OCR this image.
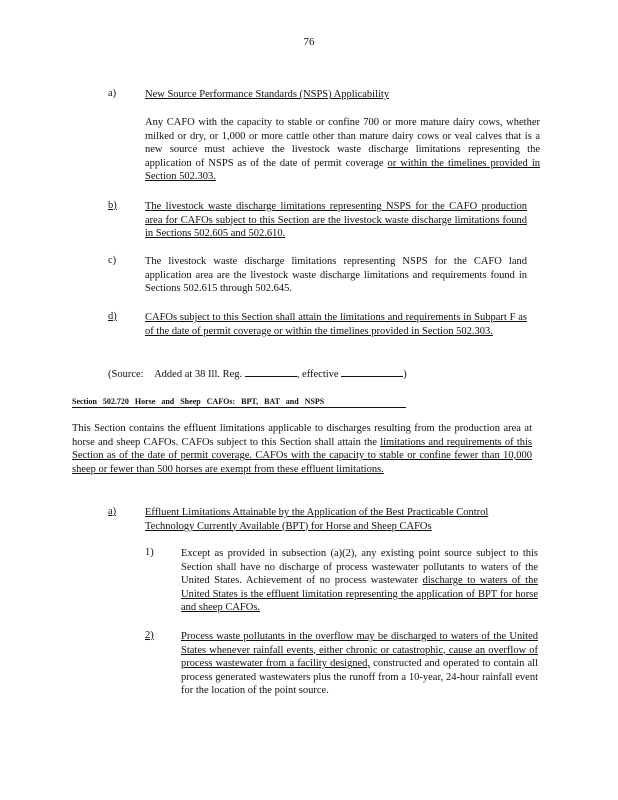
76
a)	New Source Performance Standards (NSPS) Applicability
Any CAFO with the capacity to stable or confine 700 or more mature dairy cows, whether milked or dry, or 1,000 or more cattle other than mature dairy cows or veal calves that is a new source must achieve the livestock waste discharge limitations representing the application of NSPS as of the date of permit coverage or within the timelines provided in Section 502.303.
b)	The livestock waste discharge limitations representing NSPS for the CAFO production area for CAFOs subject to this Section are the livestock waste discharge limitations found in Sections 502.605 and 502.610.
c)	The livestock waste discharge limitations representing NSPS for the CAFO land application area are the livestock waste discharge limitations and requirements found in Sections 502.615 through 502.645.
d)	CAFOs subject to this Section shall attain the limitations and requirements in Subpart F as of the date of permit coverage or within the timelines provided in Section 502.303.
(Source: Added at 38 Ill. Reg.	, effective	)
Section 502.720 Horse and Sheep CAFOs: BPT, BAT and NSPS
This Section contains the effluent limitations applicable to discharges resulting from the production area at horse and sheep CAFOs. CAFOs subject to this Section shall attain the limitations and requirements of this Section as of the date of permit coverage. CAFOs with the capacity to stable or confine fewer than 10,000 sheep or fewer than 500 horses are exempt from these effluent limitations.
a)	Effluent Limitations Attainable by the Application of the Best Practicable Control Technology Currently Available (BPT) for Horse and Sheep CAFOs
1)	Except as provided in subsection (a)(2), any existing point source subject to this Section shall have no discharge of process wastewater pollutants to waters of the United States. Achievement of no process wastewater discharge to waters of the United States is the effluent limitation representing the application of BPT for horse and sheep CAFOs.
2)	Process waste pollutants in the overflow may be discharged to waters of the United States whenever rainfall events, either chronic or catastrophic, cause an overflow of process wastewater from a facility designed, constructed and operated to contain all process generated wastewaters plus the runoff from a 10-year, 24-hour rainfall event for the location of the point source.
